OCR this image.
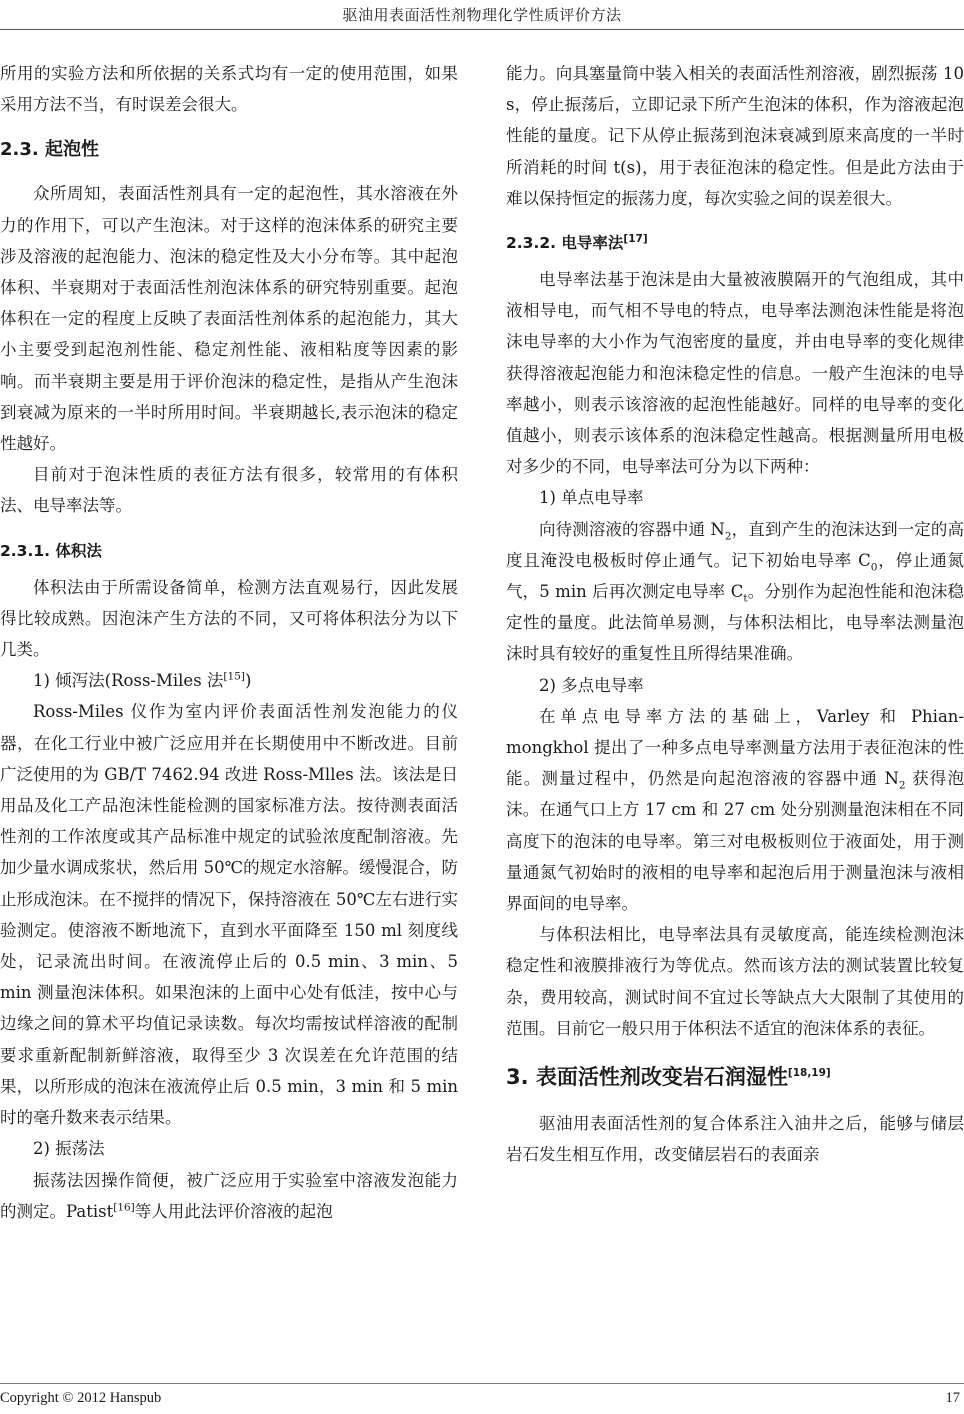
驱油用表面活性剂物理化学性质评价方法

所用的实验方法和所依据的关系式均有一定的使用范围，如果采用方法不当，有时误差会很大。

2.3. 起泡性

众所周知，表面活性剂具有一定的起泡性，其水溶液在外力的作用下，可以产生泡沫。对于这样的泡沫体系的研究主要涉及溶液的起泡能力、泡沫的稳定性及大小分布等。其中起泡体积、半衰期对于表面活性剂泡沫体系的研究特别重要。起泡体积在一定的程度上反映了表面活性剂体系的起泡能力，其大小主要受到起泡剂性能、稳定剂性能、液相粘度等因素的影响。而半衰期主要是用于评价泡沫的稳定性，是指从产生泡沫到衰减为原来的一半时所用时间。半衰期越长,表示泡沫的稳定性越好。

目前对于泡沫性质的表征方法有很多，较常用的有体积法、电导率法等。

2.3.1. 体积法

体积法由于所需设备简单，检测方法直观易行，因此发展得比较成熟。因泡沫产生方法的不同，又可将体积法分为以下几类。

1) 倾泻法(Ross-Miles 法[15])

Ross-Miles 仪作为室内评价表面活性剂发泡能力的仪器，在化工行业中被广泛应用并在长期使用中不断改进。目前广泛使用的为 GB/T 7462.94 改进 Ross-Mlles 法。该法是日用品及化工产品泡沫性能检测的国家标准方法。按待测表面活性剂的工作浓度或其产品标准中规定的试验浓度配制溶液。先加少量水调成浆状，然后用 50℃的规定水溶解。缓慢混合，防止形成泡沫。在不搅拌的情况下，保持溶液在 50℃左右进行实验测定。使溶液不断地流下，直到水平面降至 150 ml 刻度线处，记录流出时间。在液流停止后的 0.5 min、3 min、5 min 测量泡沫体积。如果泡沫的上面中心处有低洼，按中心与边缘之间的算术平均值记录读数。每次均需按试样溶液的配制要求重新配制新鲜溶液，取得至少 3 次误差在允许范围的结果，以所形成的泡沫在液流停止后 0.5 min，3 min 和 5 min 时的毫升数来表示结果。

2) 振荡法

振荡法因操作简便，被广泛应用于实验室中溶液发泡能力的测定。Patist[16]等人用此法评价溶液的起泡

能力。向具塞量筒中装入相关的表面活性剂溶液，剧烈振荡 10 s，停止振荡后，立即记录下所产生泡沫的体积，作为溶液起泡性能的量度。记下从停止振荡到泡沫衰减到原来高度的一半时所消耗的时间 t(s)，用于表征泡沫的稳定性。但是此方法由于难以保持恒定的振荡力度，每次实验之间的误差很大。

2.3.2. 电导率法[17]

电导率法基于泡沫是由大量被液膜隔开的气泡组成，其中液相导电，而气相不导电的特点，电导率法测泡沫性能是将泡沫电导率的大小作为气泡密度的量度，并由电导率的变化规律获得溶液起泡能力和泡沫稳定性的信息。一般产生泡沫的电导率越小，则表示该溶液的起泡性能越好。同样的电导率的变化值越小，则表示该体系的泡沫稳定性越高。根据测量所用电极对多少的不同，电导率法可分为以下两种：

1) 单点电导率

向待测溶液的容器中通 $N_2$，直到产生的泡沫达到一定的高度且淹没电极板时停止通气。记下初始电导率 $C_0$，停止通氮气，5 min 后再次测定电导率 $C_t$。分别作为起泡性能和泡沫稳定性的量度。此法简单易测，与体积法相比，电导率法测量泡沫时具有较好的重复性且所得结果准确。

2) 多点电导率

在单点电导率方法的基础上，Varley 和 Phian-mongkhol 提出了一种多点电导率测量方法用于表征泡沫的性能。测量过程中，仍然是向起泡溶液的容器中通 $N_2$ 获得泡沫。在通气口上方 17 cm 和 27 cm 处分别测量泡沫相在不同高度下的泡沫的电导率。第三对电极板则位于液面处，用于测量通氮气初始时的液相的电导率和起泡后用于测量泡沫与液相界面间的电导率。

与体积法相比，电导率法具有灵敏度高，能连续检测泡沫稳定性和液膜排液行为等优点。然而该方法的测试装置比较复杂，费用较高，测试时间不宜过长等缺点大大限制了其使用的范围。目前它一般只用于体积法不适宜的泡沫体系的表征。

3. 表面活性剂改变岩石润湿性[18,19]

驱油用表面活性剂的复合体系注入油井之后，能够与储层岩石发生相互作用，改变储层岩石的表面亲

Copyright © 2012 Hanspub	17
